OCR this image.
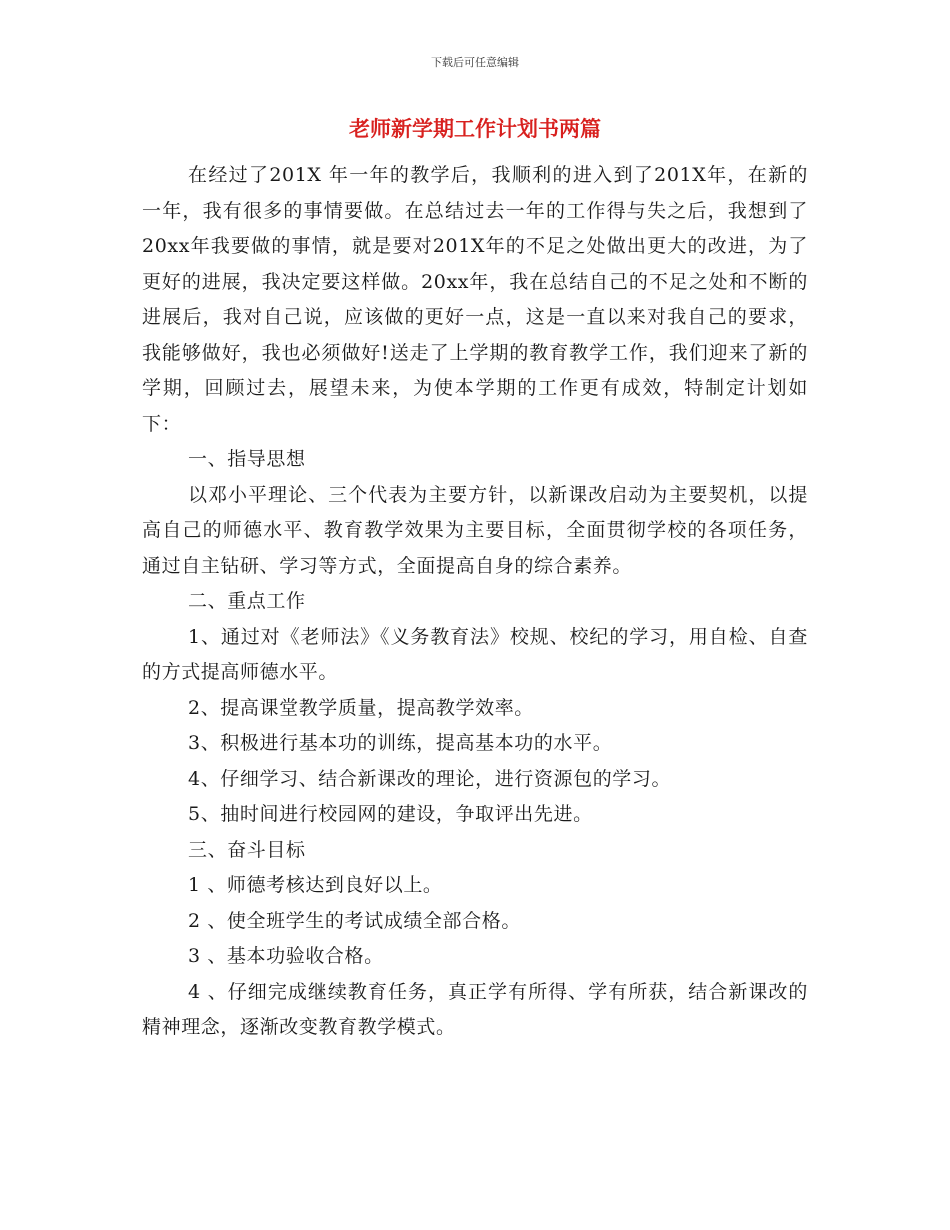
下载后可任意编辑
老师新学期工作计划书两篇

在经过了201X 年一年的教学后，我顺利的进入到了201X年，在新的一年，我有很多的事情要做。在总结过去一年的工作得与失之后，我想到了20xx年我要做的事情，就是要对201X年的不足之处做出更大的改进，为了更好的进展，我决定要这样做。20xx年，我在总结自己的不足之处和不断的进展后，我对自己说，应该做的更好一点，这是一直以来对我自己的要求，我能够做好，我也必须做好!送走了上学期的教育教学工作，我们迎来了新的学期，回顾过去，展望未来，为使本学期的工作更有成效，特制定计划如下：

一、指导思想

以邓小平理论、三个代表为主要方针，以新课改启动为主要契机，以提高自己的师德水平、教育教学效果为主要目标，全面贯彻学校的各项任务，通过自主钻研、学习等方式，全面提高自身的综合素养。

二、重点工作

1、通过对《老师法》《义务教育法》校规、校纪的学习，用自检、自查的方式提高师德水平。

2、提高课堂教学质量，提高教学效率。

3、积极进行基本功的训练，提高基本功的水平。

4、仔细学习、结合新课改的理论，进行资源包的学习。

5、抽时间进行校园网的建设，争取评出先进。

三、奋斗目标

1 、师德考核达到良好以上。

2 、使全班学生的考试成绩全部合格。

3 、基本功验收合格。

4 、仔细完成继续教育任务，真正学有所得、学有所获，结合新课改的精神理念，逐渐改变教育教学模式。
